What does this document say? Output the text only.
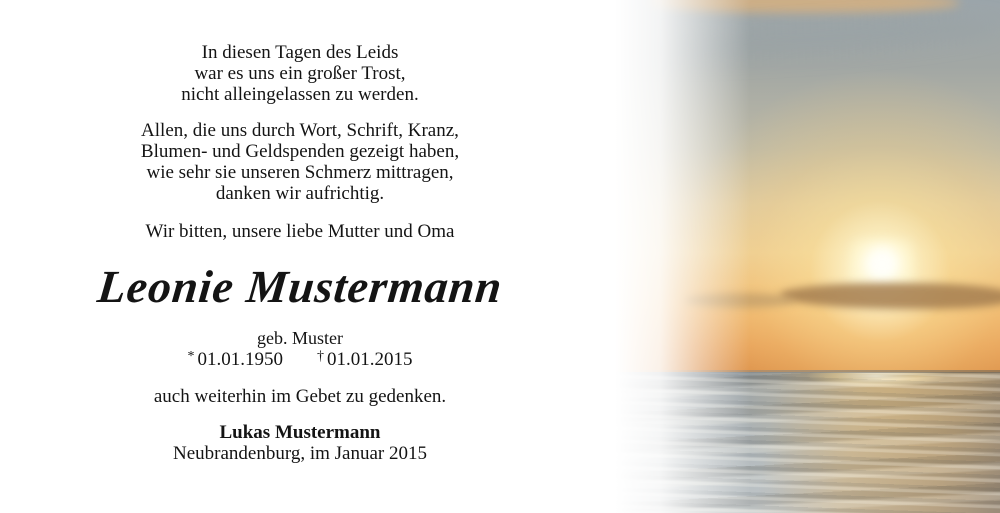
In diesen Tagen des Leids
war es uns ein großer Trost,
nicht alleingelassen zu werden.
Allen, die uns durch Wort, Schrift, Kranz,
Blumen- und Geldspenden gezeigt haben,
wie sehr sie unseren Schmerz mittragen,
danken wir aufrichtig.
Wir bitten, unsere liebe Mutter und Oma
Leonie Mustermann
geb. Muster
* 01.01.1950 † 01.01.2015
auch weiterhin im Gebet zu gedenken.
Lukas Mustermann
Neubrandenburg, im Januar 2015
